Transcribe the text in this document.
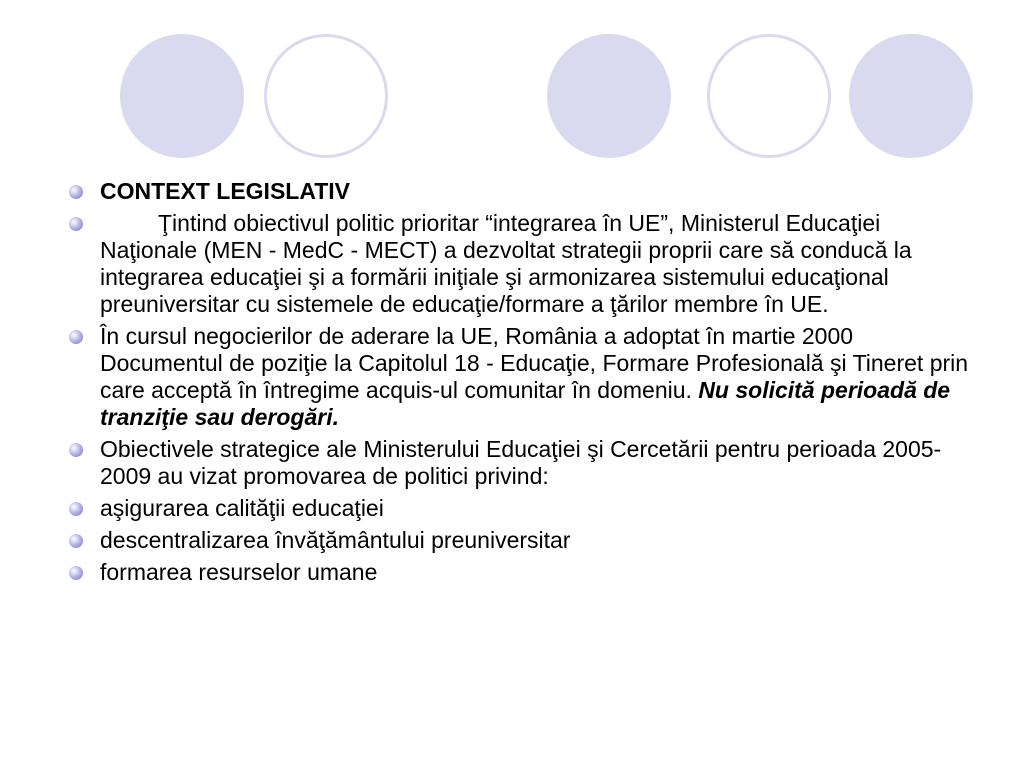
CONTEXT LEGISLATIV
Ţintind obiectivul politic prioritar “integrarea în UE”, Ministerul Educaţiei Naţionale (MEN - MedC - MECT) a dezvoltat strategii proprii care să conducă la integrarea educaţiei şi a formării iniţiale şi armonizarea sistemului educaţional preuniversitar cu sistemele de educaţie/formare a ţărilor membre în UE.
În cursul negocierilor de aderare la UE, România a adoptat în martie 2000 Documentul de poziţie la Capitolul 18 - Educaţie, Formare Profesională şi Tineret prin care acceptă în întregime acquis-ul comunitar în domeniu. Nu solicită perioadă de tranziţie sau derogări.
Obiectivele strategice ale Ministerului Educaţiei şi Cercetării pentru perioada 2005-2009 au vizat promovarea de politici privind:
aşigurarea calităţii educaţiei
descentralizarea învăţământului preuniversitar
formarea resurselor umane
